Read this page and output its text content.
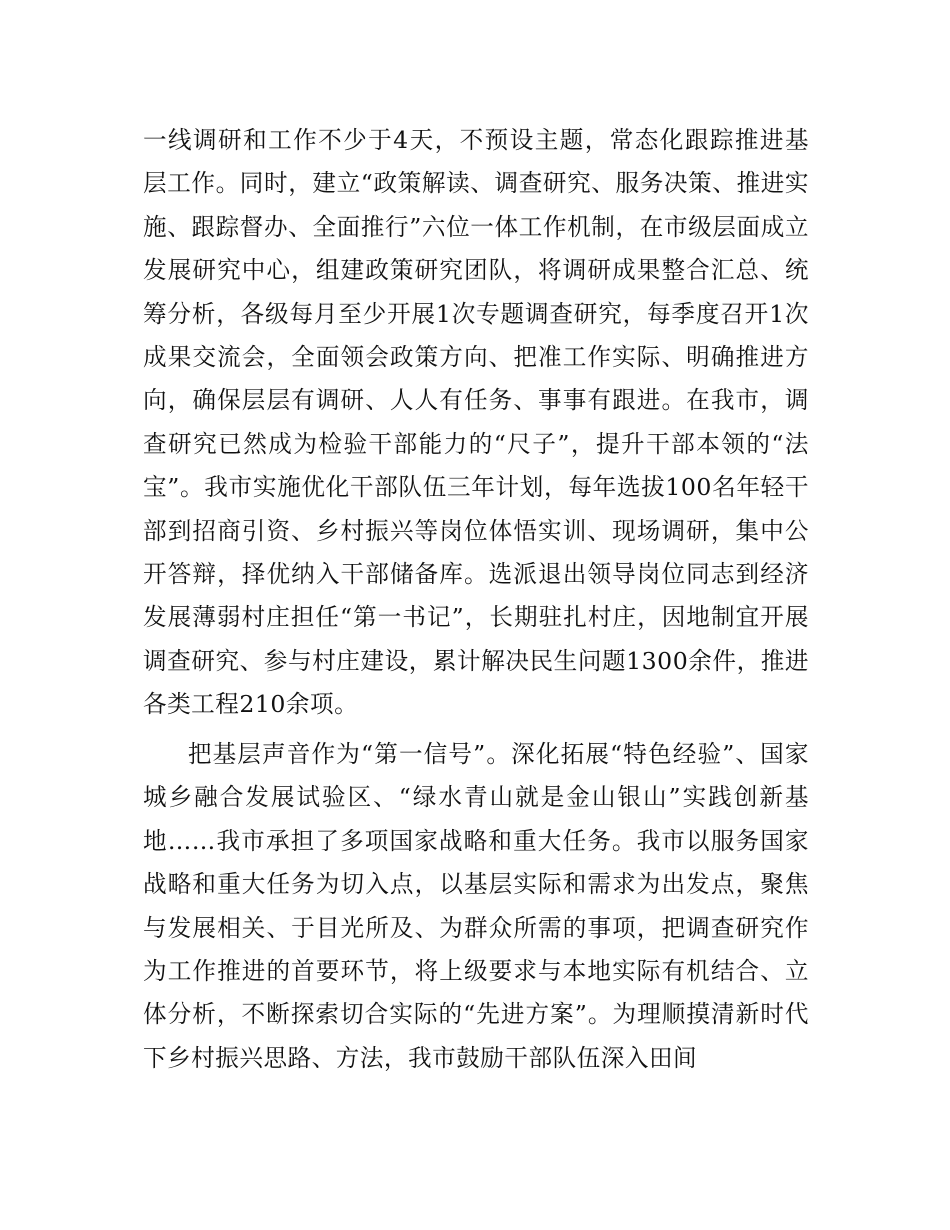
一线调研和工作不少于4天，不预设主题，常态化跟踪推进基层工作。同时，建立“政策解读、调查研究、服务决策、推进实施、跟踪督办、全面推行”六位一体工作机制，在市级层面成立发展研究中心，组建政策研究团队，将调研成果整合汇总、统筹分析，各级每月至少开展1次专题调查研究，每季度召开1次成果交流会，全面领会政策方向、把准工作实际、明确推进方向，确保层层有调研、人人有任务、事事有跟进。在我市，调查研究已然成为检验干部能力的“尺子”，提升干部本领的“法宝”。我市实施优化干部队伍三年计划，每年选拔100名年轻干部到招商引资、乡村振兴等岗位体悟实训、现场调研，集中公开答辩，择优纳入干部储备库。选派退出领导岗位同志到经济发展薄弱村庄担任“第一书记”，长期驻扎村庄，因地制宜开展调查研究、参与村庄建设，累计解决民生问题1300余件，推进各类工程210余项。

把基层声音作为“第一信号”。深化拓展“特色经验”、国家城乡融合发展试验区、“绿水青山就是金山银山”实践创新基地……我市承担了多项国家战略和重大任务。我市以服务国家战略和重大任务为切入点，以基层实际和需求为出发点，聚焦与发展相关、于目光所及、为群众所需的事项，把调查研究作为工作推进的首要环节，将上级要求与本地实际有机结合、立体分析，不断探索切合实际的“先进方案”。为理顺摸清新时代下乡村振兴思路、方法，我市鼓励干部队伍深入田间
